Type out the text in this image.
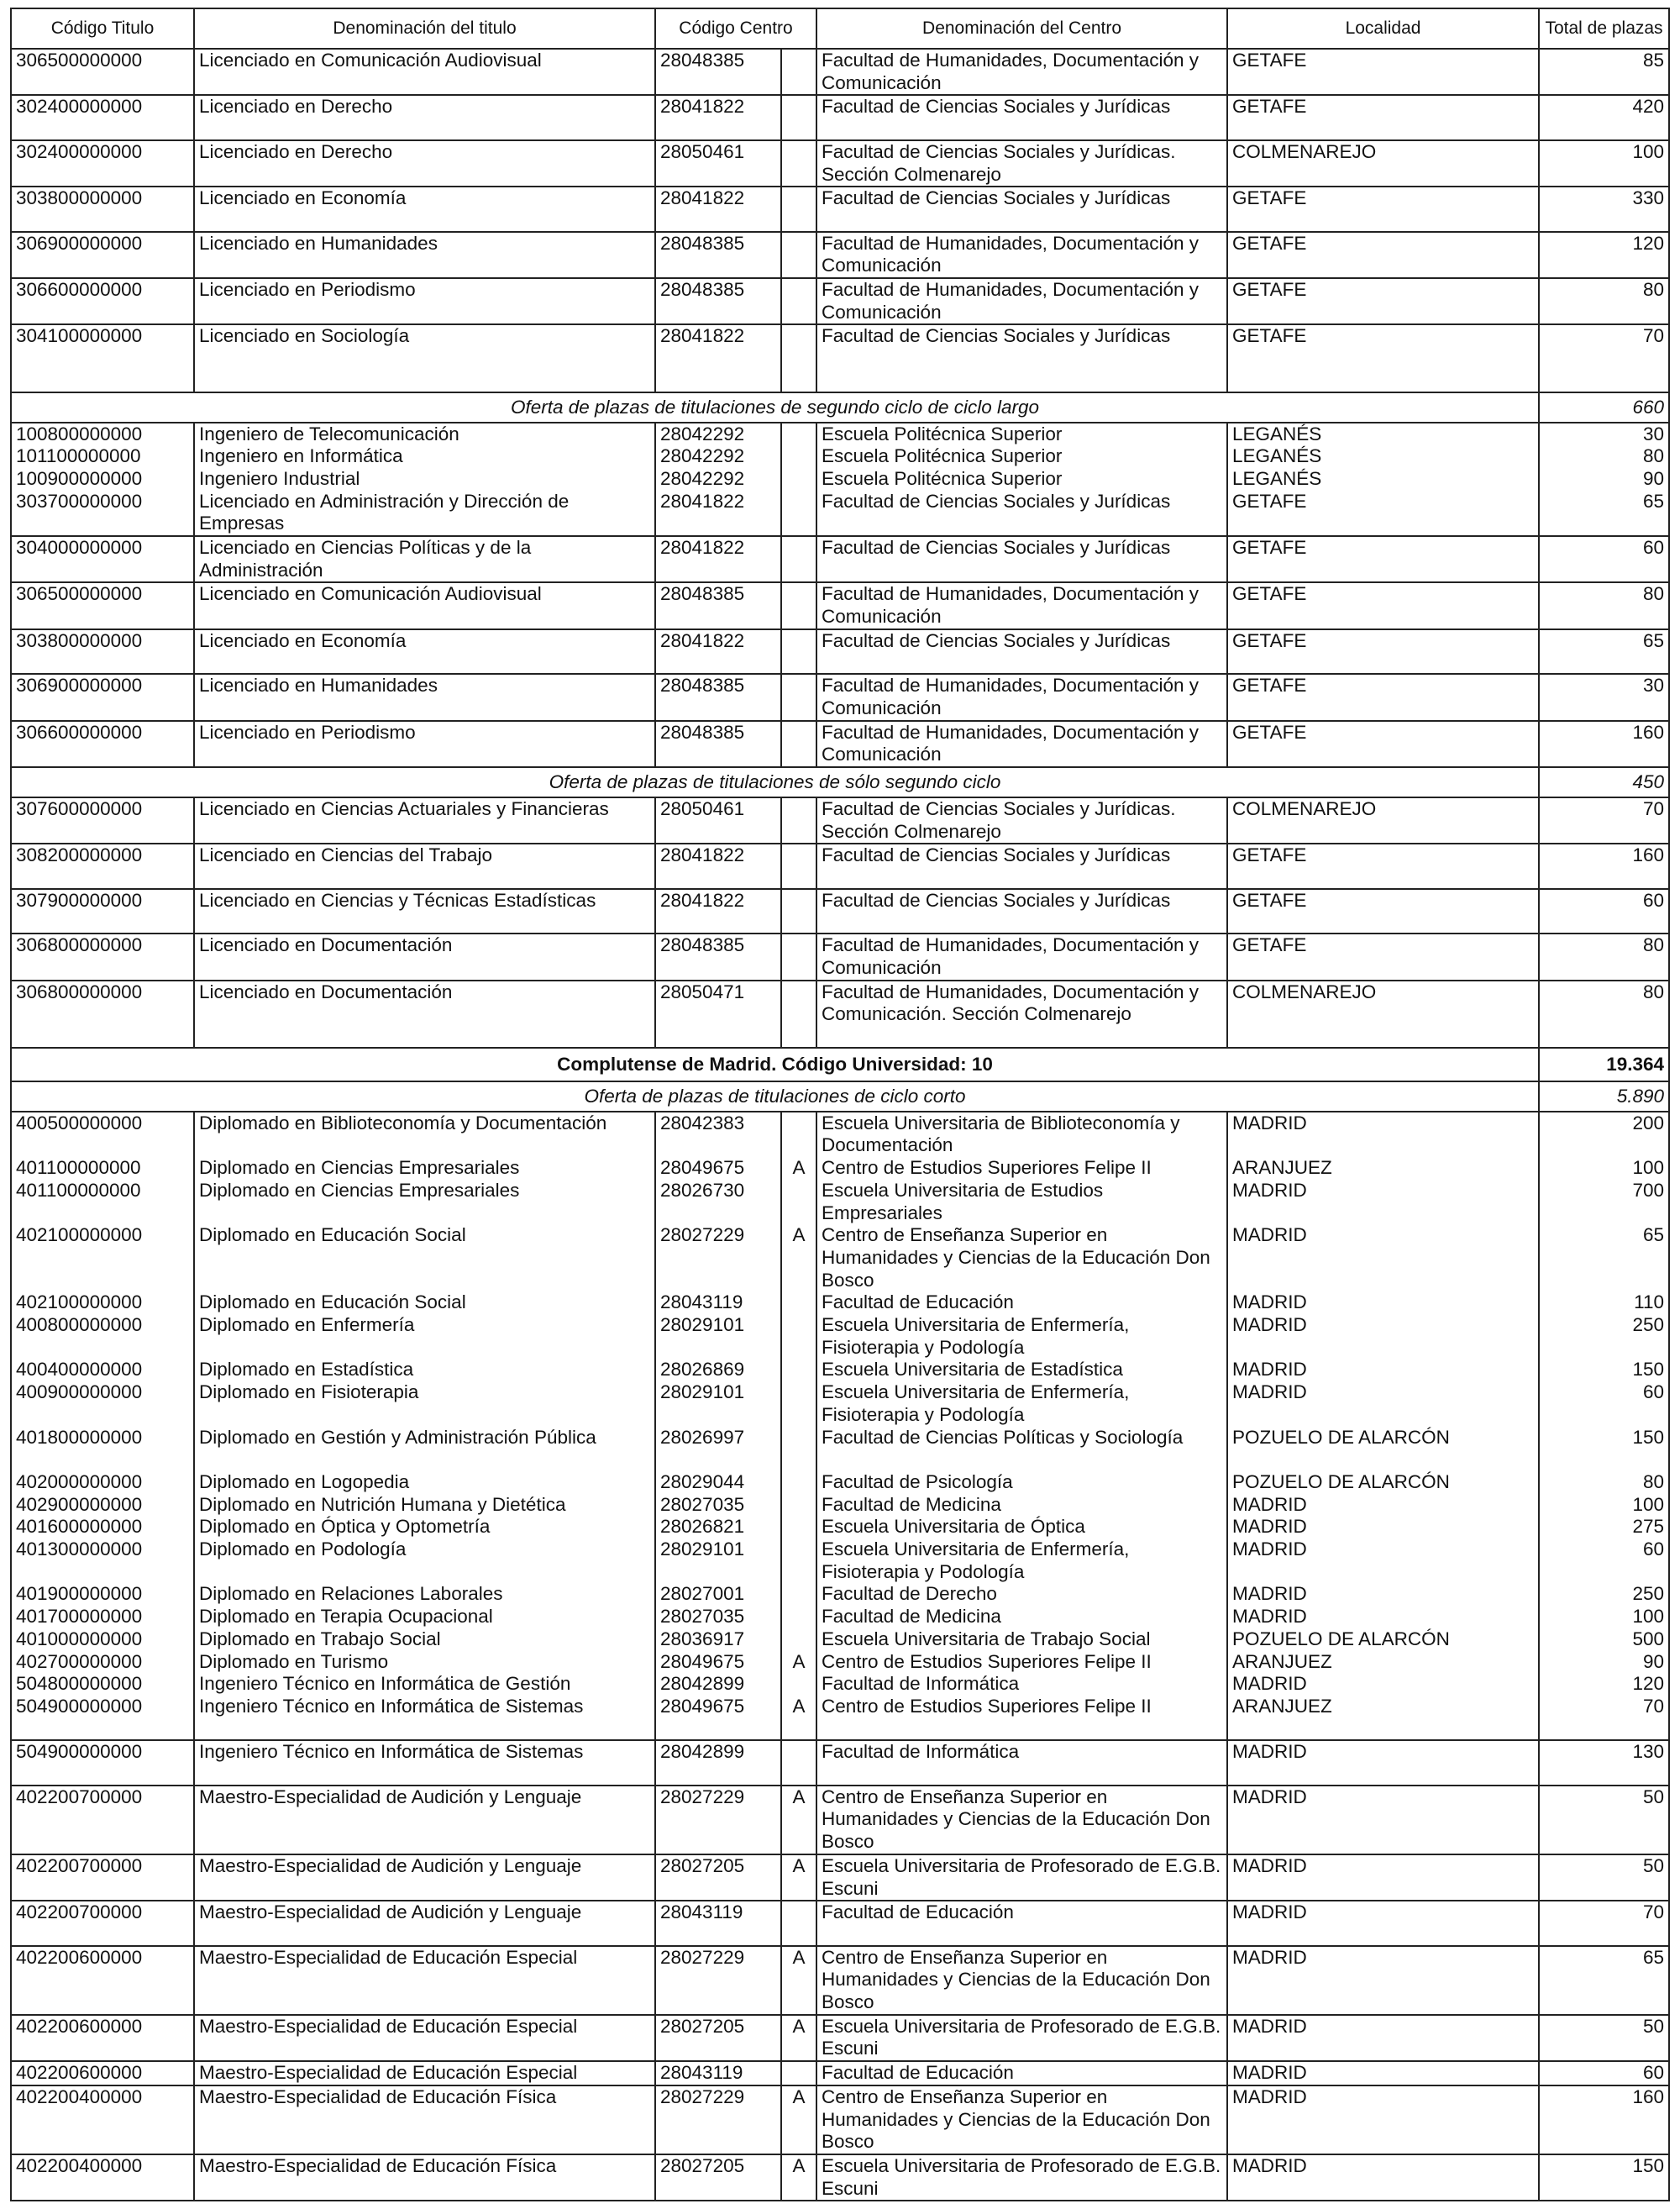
Código Titulo	Denominación del titulo	Código Centro		Denominación del Centro	Localidad	Total de plazas
306500000000	Licenciado en Comunicación Audiovisual	28048385		Facultad de Humanidades, Documentación y Comunicación	GETAFE	85
302400000000	Licenciado en Derecho	28041822		Facultad de Ciencias Sociales y Jurídicas	GETAFE	420
302400000000	Licenciado en Derecho	28050461		Facultad de Ciencias Sociales y Jurídicas. Sección Colmenarejo	COLMENAREJO	100
303800000000	Licenciado en Economía	28041822		Facultad de Ciencias Sociales y Jurídicas	GETAFE	330
306900000000	Licenciado en Humanidades	28048385		Facultad de Humanidades, Documentación y Comunicación	GETAFE	120
306600000000	Licenciado en Periodismo	28048385		Facultad de Humanidades, Documentación y Comunicación	GETAFE	80
304100000000	Licenciado en Sociología	28041822		Facultad de Ciencias Sociales y Jurídicas	GETAFE	70
Oferta de plazas de titulaciones de segundo ciclo de ciclo largo						660
100800000000	Ingeniero de Telecomunicación	28042292		Escuela Politécnica Superior	LEGANÉS	30
101100000000	Ingeniero en Informática	28042292		Escuela Politécnica Superior	LEGANÉS	80
100900000000	Ingeniero Industrial	28042292		Escuela Politécnica Superior	LEGANÉS	90
303700000000	Licenciado en Administración y Dirección de Empresas	28041822		Facultad de Ciencias Sociales y Jurídicas	GETAFE	65
304000000000	Licenciado en Ciencias Políticas y de la Administración	28041822		Facultad de Ciencias Sociales y Jurídicas	GETAFE	60
306500000000	Licenciado en Comunicación Audiovisual	28048385		Facultad de Humanidades, Documentación y Comunicación	GETAFE	80
303800000000	Licenciado en Economía	28041822		Facultad de Ciencias Sociales y Jurídicas	GETAFE	65
306900000000	Licenciado en Humanidades	28048385		Facultad de Humanidades, Documentación y Comunicación	GETAFE	30
306600000000	Licenciado en Periodismo	28048385		Facultad de Humanidades, Documentación y Comunicación	GETAFE	160
Oferta de plazas de titulaciones de sólo segundo ciclo						450
307600000000	Licenciado en Ciencias Actuariales y Financieras	28050461		Facultad de Ciencias Sociales y Jurídicas. Sección Colmenarejo	COLMENAREJO	70
308200000000	Licenciado en Ciencias del Trabajo	28041822		Facultad de Ciencias Sociales y Jurídicas	GETAFE	160
307900000000	Licenciado en Ciencias y Técnicas Estadísticas	28041822		Facultad de Ciencias Sociales y Jurídicas	GETAFE	60
306800000000	Licenciado en Documentación	28048385		Facultad de Humanidades, Documentación y Comunicación	GETAFE	80
306800000000	Licenciado en Documentación	28050471		Facultad de Humanidades, Documentación y Comunicación. Sección Colmenarejo	COLMENAREJO	80
Complutense de Madrid. Código Universidad: 10						19.364
Oferta de plazas de titulaciones de ciclo corto						5.890
400500000000	Diplomado en Biblioteconomía y Documentación	28042383		Escuela Universitaria de Biblioteconomía y Documentación	MADRID	200
401100000000	Diplomado en Ciencias Empresariales	28049675	A	Centro de Estudios Superiores Felipe II	ARANJUEZ	100
401100000000	Diplomado en Ciencias Empresariales	28026730		Escuela Universitaria de Estudios Empresariales	MADRID	700
402100000000	Diplomado en Educación Social	28027229	A	Centro de Enseñanza Superior en Humanidades y Ciencias de la Educación Don Bosco	MADRID	65
402100000000	Diplomado en Educación Social	28043119		Facultad de Educación	MADRID	110
400800000000	Diplomado en Enfermería	28029101		Escuela Universitaria de Enfermería, Fisioterapia y Podología	MADRID	250
400400000000	Diplomado en Estadística	28026869		Escuela Universitaria de Estadística	MADRID	150
400900000000	Diplomado en Fisioterapia	28029101		Escuela Universitaria de Enfermería, Fisioterapia y Podología	MADRID	60
401800000000	Diplomado en Gestión y Administración Pública	28026997		Facultad de Ciencias Políticas y Sociología	POZUELO DE ALARCÓN	150
402000000000	Diplomado en Logopedia	28029044		Facultad de Psicología	POZUELO DE ALARCÓN	80
402900000000	Diplomado en Nutrición Humana y Dietética	28027035		Facultad de Medicina	MADRID	100
401600000000	Diplomado en Óptica y Optometría	28026821		Escuela Universitaria de Óptica	MADRID	275
401300000000	Diplomado en Podología	28029101		Escuela Universitaria de Enfermería, Fisioterapia y Podología	MADRID	60
401900000000	Diplomado en Relaciones Laborales	28027001		Facultad de Derecho	MADRID	250
401700000000	Diplomado en Terapia Ocupacional	28027035		Facultad de Medicina	MADRID	100
401000000000	Diplomado en Trabajo Social	28036917		Escuela Universitaria de Trabajo Social	POZUELO DE ALARCÓN	500
402700000000	Diplomado en Turismo	28049675	A	Centro de Estudios Superiores Felipe II	ARANJUEZ	90
504800000000	Ingeniero Técnico en Informática de Gestión	28042899		Facultad de Informática	MADRID	120
504900000000	Ingeniero Técnico en Informática de Sistemas	28049675	A	Centro de Estudios Superiores Felipe II	ARANJUEZ	70
504900000000	Ingeniero Técnico en Informática de Sistemas	28042899		Facultad de Informática	MADRID	130
402200700000	Maestro-Especialidad de Audición y Lenguaje	28027229	A	Centro de Enseñanza Superior en Humanidades y Ciencias de la Educación Don Bosco	MADRID	50
402200700000	Maestro-Especialidad de Audición y Lenguaje	28027205	A	Escuela Universitaria de Profesorado de E.G.B. Escuni	MADRID	50
402200700000	Maestro-Especialidad de Audición y Lenguaje	28043119		Facultad de Educación	MADRID	70
402200600000	Maestro-Especialidad de Educación Especial	28027229	A	Centro de Enseñanza Superior en Humanidades y Ciencias de la Educación Don Bosco	MADRID	65
402200600000	Maestro-Especialidad de Educación Especial	28027205	A	Escuela Universitaria de Profesorado de E.G.B. Escuni	MADRID	50
402200600000	Maestro-Especialidad de Educación Especial	28043119		Facultad de Educación	MADRID	60
402200400000	Maestro-Especialidad de Educación Física	28027229	A	Centro de Enseñanza Superior en Humanidades y Ciencias de la Educación Don Bosco	MADRID	160
402200400000	Maestro-Especialidad de Educación Física	28027205	A	Escuela Universitaria de Profesorado de E.G.B. Escuni	MADRID	150
